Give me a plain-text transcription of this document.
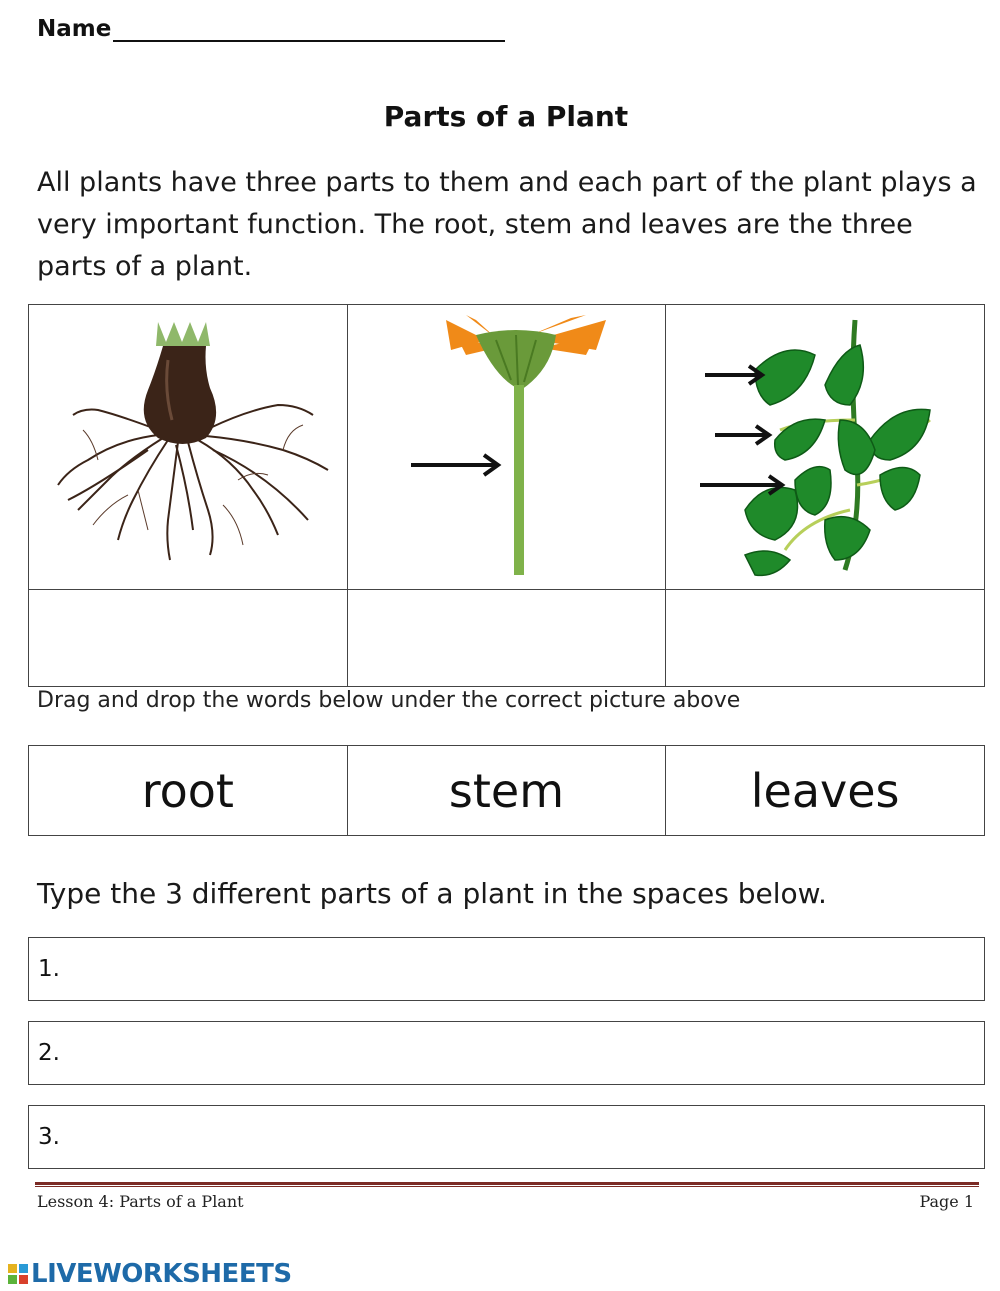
Name
Parts of a Plant
All plants have three parts to them and each part of the plant plays a very important function. The root, stem and leaves are the three parts of a plant.

Drag and drop the words below under the correct picture above
root	stem	leaves
Type the 3 different parts of a plant in the spaces below.
1.
2.
3.
Lesson 4: Parts of a Plant	Page 1
LIVEWORKSHEETS
